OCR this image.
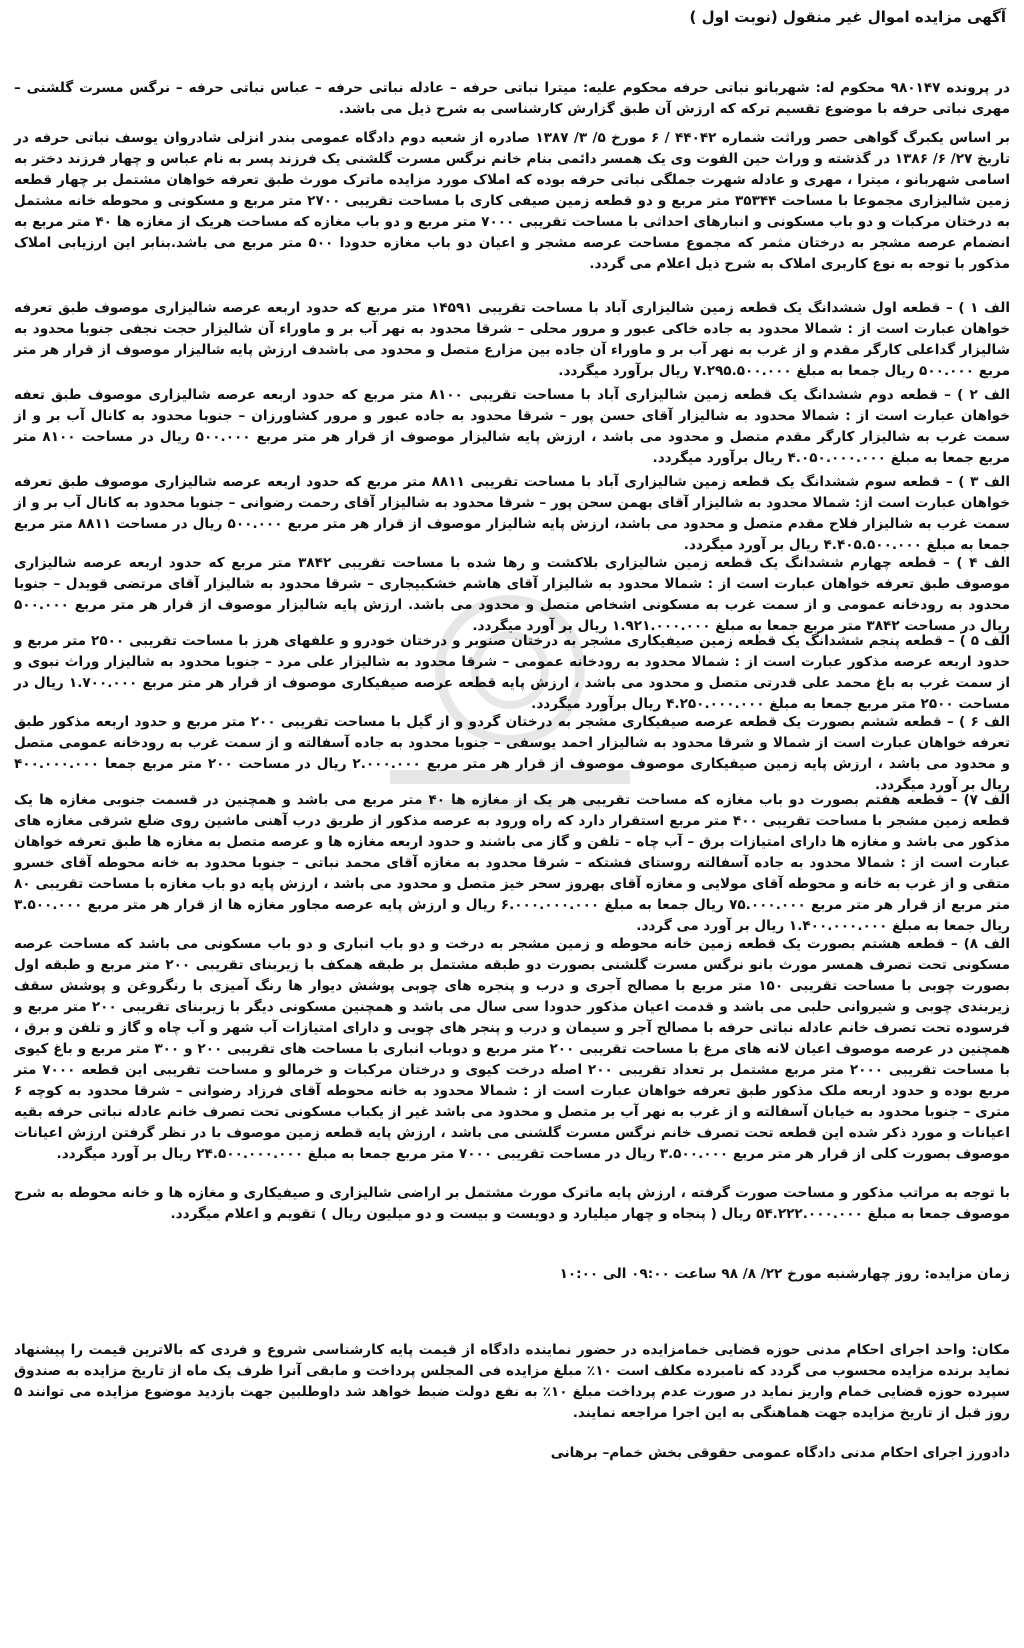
آگهی مزایده اموال غیر منقول (نوبت اول )
در پرونده ۹۸۰۱۴۷ محکوم له: شهربانو نباتی حرفه محکوم علیه: میترا نباتی حرفه – عادله نباتی حرفه – عباس نباتی حرفه – نرگس مسرت گلشنی – مهری نباتی حرفه با موضوع تقسیم ترکه که ارزش آن طبق گزارش کارشناسی به شرح ذیل می باشد.
بر اساس یکبرگ گواهی حصر وراثت شماره ۴۴۰۴۲ / ۶ مورخ ۵/ ۳/ ۱۳۸۷ صادره از شعبه دوم دادگاه عمومی بندر انزلی شادروان یوسف نباتی حرفه در تاریخ ۲۷/ ۶/ ۱۳۸۶ در گذشته و وراث حین الفوت وی یک همسر دائمی بنام خانم نرگس مسرت گلشنی یک فرزند پسر به نام عباس و چهار فرزند دختر به اسامی شهربانو ، میترا ، مهری و عادله شهرت جملگی نباتی حرفه بوده که املاک مورد مزایده ماترک مورث طبق تعرفه خواهان مشتمل بر چهار قطعه زمین شالیزاری مجموعا با مساحت ۳۵۳۴۴ متر مربع و دو قطعه زمین صیفی کاری با مساحت تقریبی ۲۷۰۰ متر مربع و مسکونی و محوطه خانه مشتمل به درختان مرکبات و دو باب مسکونی و انبارهای احداثی با مساحت تقریبی ۷۰۰۰ متر مربع و دو باب مغازه که مساحت هریک از مغازه ها ۴۰ متر مربع به انضمام عرصه مشجر به درختان مثمر که مجموع مساحت عرصه مشجر و اعیان دو باب مغازه حدودا ۵۰۰ متر مربع می باشد.بنابر این ارزیابی املاک مذکور با توجه به نوع کاربری املاک به شرح ذیل اعلام می گردد.
الف ۱ ) – قطعه اول ششدانگ یک قطعه زمین شالیزاری آباد با مساحت تقریبی ۱۴۵۹۱ متر مربع که حدود اربعه عرصه شالیزاری موصوف طبق تعرفه خواهان عبارت است از : شمالا محدود به جاده خاکی عبور و مرور محلی – شرقا محدود به نهر آب بر و ماوراء آن شالیزار حجت نجفی جنوبا محدود به شالیزار گداعلی کارگر مقدم و از غرب به نهر آب بر و ماوراء آن جاده بین مزارع متصل و محدود می باشدف ارزش پایه شالیزار موصوف از قرار هر متر مربع ۵۰۰.۰۰۰ ریال جمعا به مبلغ ۷.۲۹۵.۵۰۰.۰۰۰ ریال برآورد میگردد.
الف ۲ ) – قطعه دوم ششدانگ یک قطعه زمین شالیزاری آباد با مساحت تقریبی ۸۱۰۰ متر مربع که حدود اربعه عرصه شالیزاری موصوف طبق تعفه خواهان عبارت است از : شمالا محدود به شالیزار آقای حسن پور – شرقا محدود به جاده عبور و مرور کشاورزان – جنوبا محدود به کانال آب بر و از سمت غرب به شالیزار کارگر مقدم متصل و محدود می باشد ، ارزش پایه شالیزار موصوف از قرار هر متر مربع ۵۰۰.۰۰۰ ریال در مساحت ۸۱۰۰ متر مربع جمعا به مبلغ ۴.۰۵۰.۰۰۰.۰۰۰ ریال برآورد میگردد.
الف ۳ ) – قطعه سوم ششدانگ یک قطعه زمین شالیزاری آباد با مساحت تقریبی ۸۸۱۱ متر مربع که حدود اربعه عرصه شالیزاری موصوف طبق تعرفه خواهان عبارت است از: شمالا محدود به شالیزار آقای بهمن سحن پور – شرقا محدود به شالیزار آقای رحمت رضوانی – جنوبا محدود به کانال آب بر و از سمت غرب به شالیزار فلاح مقدم متصل و محدود می باشد، ارزش پایه شالیزار موصوف از قرار هر متر مربع ۵۰۰.۰۰۰ ریال در مساحت ۸۸۱۱ متر مربع جمعا به مبلغ ۴.۴۰۵.۵۰۰.۰۰۰ ریال بر آورد میگردد.
الف ۴ ) – قطعه چهارم ششدانگ یک قطعه زمین شالیزاری بلاکشت و رها شده با مساحت تقریبی ۳۸۴۲ متر مربع که حدود اربعه عرصه شالیزاری موصوف طبق تعرفه خواهان عبارت است از : شمالا محدود به شالیزار آقای هاشم خشکبیجاری – شرقا محدود به شالیزار آقای مرتضی قویدل – جنوبا محدود به رودخانه عمومی و از سمت غرب به مسکونی اشخاص متصل و محدود می باشد. ارزش پایه شالیزار موصوف از قرار هر متر مربع ۵۰۰.۰۰۰ ریال در مساحت ۳۸۴۲ متر مربع جمعا به مبلغ ۱.۹۲۱.۰۰۰.۰۰۰ ریال بر آورد میگردد.
الف ۵ ) – قطعه پنجم ششدانگ یک قطعه زمین صیفیکاری مشجر به درختان صنوبر و درختان خودرو و علفهای هرز با مساحت تقریبی ۲۵۰۰ متر مربع و حدود اربعه عرصه مذکور عبارت است از : شمالا محدود به رودخانه عمومی – شرقا محدود به شالیزار علی مرد – جنوبا محدود به شالیزار وراث نبوی و از سمت غرب به باغ محمد علی قدرتی متصل و محدود می باشد ، ارزش پایه قطعه عرصه صیفیکاری موصوف از قرار هر متر مربع ۱.۷۰۰.۰۰۰ ریال در مساحت ۲۵۰۰ متر مربع جمعا به مبلغ ۴.۲۵۰.۰۰۰.۰۰۰ ریال برآورد میگردد.
الف ۶ ) – قطعه ششم بصورت یک قطعه عرصه صیفیکاری مشجر به درختان گردو و از گیل با مساحت تقریبی ۲۰۰ متر مربع و حدود اربعه مذکور طبق تعرفه خواهان عبارت است از شمالا و شرقا محدود به شالیزار احمد یوسفی – جنوبا محدود به جاده آسفالته و از سمت غرب به رودخانه عمومی متصل و محدود می باشد ، ارزش پایه زمین صیفیکاری موصوف موصوف از قرار هر متر مربع ۲.۰۰۰.۰۰۰ ریال در مساحت ۲۰۰ متر مربع جمعا ۴۰۰.۰۰۰.۰۰۰ ریال بر آورد میگردد.
الف ۷) – قطعه هفتم بصورت دو باب مغازه که مساحت تقریبی هر یک از مغازه ها ۴۰ متر مربع می باشد و همچنین در قسمت جنوبی مغازه ها یک قطعه زمین مشجر با مساحت تقریبی ۴۰۰ متر مربع استقرار دارد که راه ورود به عرصه مذکور از طریق درب آهنی ماشین روی ضلع شرقی مغازه های مذکور می باشد و مغازه ها دارای امتیازات برق – آب چاه – تلفن و گاز می باشند و حدود اربعه مغازه ها و عرصه متصل به مغازه ها طبق تعرفه خواهان عبارت است از : شمالا محدود به جاده آسفالته روستای فشتکه – شرقا محدود به مغازه آقای محمد نباتی – جنوبا محدود به خانه محوطه آقای خسرو متقی و از غرب به خانه و محوطه آقای مولایی و مغازه آقای بهروز سحر خیز متصل و محدود می باشد ، ارزش پایه دو باب مغازه با مساحت تقریبی ۸۰ متر مربع از قرار هر متر مربع ۷۵.۰۰۰.۰۰۰ ریال جمعا به مبلغ ۶.۰۰۰.۰۰۰.۰۰۰ ریال و ارزش پایه عرصه مجاور مغازه ها از قرار هر متر مربع ۳.۵۰۰.۰۰۰ ریال جمعا به مبلغ ۱.۴۰۰.۰۰۰.۰۰۰ ریال بر آورد می گردد.
الف ۸) – قطعه هشتم بصورت یک قطعه زمین خانه محوطه و زمین مشجر به درخت و دو باب انباری و دو باب مسکونی می باشد که مساحت عرصه مسکونی تحت تصرف همسر مورث بانو نرگس مسرت گلشنی بصورت دو طبقه مشتمل بر طبقه همکف با زیربنای تقریبی ۲۰۰ متر مربع و طبقه اول بصورت چوبی با مساحت تقریبی ۱۵۰ متر مربع با مصالح آجری و درب و پنجره های چوبی پوشش دیوار ها رنگ آمیزی با رنگروغن و پوشش سقف زیربندی چوبی و شیروانی حلبی می باشد و قدمت اعیان مذکور حدودا سی سال می باشد و همچنین مسکونی دیگر با زیربنای تقریبی ۲۰۰ متر مربع و فرسوده تحت تصرف خانم عادله نباتی حرفه با مصالح آجر و سیمان و درب و پنجر های چوبی و دارای امتیازات آب شهر و آب چاه و گاز و تلفن و برق ، همچنین در عرصه موصوف اعیان لانه های مرغ با مساحت تقریبی ۲۰۰ متر مربع و دوباب انباری با مساحت های تقریبی ۲۰۰ و ۳۰۰ متر مربع و باغ کیوی با مساحت تقریبی ۲۰۰۰ متر مربع مشتمل بر تعداد تقریبی ۲۰۰ اصله درخت کیوی و درختان مرکبات و خرمالو و مساحت تقریبی این قطعه ۷۰۰۰ متر مربع بوده و حدود اربعه ملک مذکور طبق تعرفه خواهان عبارت است از : شمالا محدود به خانه محوطه آقای فرزاد رضوانی – شرقا محدود به کوچه ۶ متری – جنوبا محدود به خیابان آسفالته و از غرب به نهر آب بر متصل و محدود می باشد غیر از یکباب مسکونی تحت تصرف خانم عادله نباتی حرفه بقیه اعیانات و مورد ذکر شده این قطعه تحت تصرف خانم نرگس مسرت گلشنی می باشد ، ارزش پایه قطعه زمین موصوف با در نظر گرفتن ارزش اعیانات موصوف بصورت کلی از قرار هر متر مربع ۳.۵۰۰.۰۰۰ ریال در مساحت تقریبی ۷۰۰۰ متر مربع جمعا به مبلغ ۲۴.۵۰۰.۰۰۰.۰۰۰ ریال بر آورد میگردد.
با توجه به مراتب مذکور و مساحت صورت گرفته ، ارزش پایه ماترک مورث مشتمل بر اراضی شالیزاری و صیفیکاری و مغازه ها و خانه محوطه به شرح موصوف جمعا به مبلغ ۵۴.۲۲۲.۰۰۰.۰۰۰ ریال ( پنجاه و چهار میلیارد و دویست و بیست و دو میلیون ریال ) تقویم و اعلام میگردد.
زمان مزایده: روز چهارشنبه مورخ ۲۲/ ۸/ ۹۸ ساعت ۰۹:۰۰ الی ۱۰:۰۰
مکان: واحد اجرای احکام مدنی حوزه قضایی خمامزایده در حضور نماینده دادگاه از قیمت پایه کارشناسی شروع و فردی که بالاترین قیمت را پیشنهاد نماید برنده مزایده محسوب می گردد که نامبرده مکلف است ۱۰٪ مبلغ مزایده فی المجلس پرداخت و مابقی آنرا ظرف یک ماه از تاریخ مزایده به صندوق سپرده حوزه قضایی خمام واریز نماید در صورت عدم پرداخت مبلغ ۱۰٪ به نفع دولت ضبط خواهد شد داوطلبین جهت بازدید موضوع مزایده می توانند ۵ روز قبل از تاریخ مزایده جهت هماهنگی به این اجرا مراجعه نمایند.
دادورز اجرای احکام مدنی دادگاه عمومی حقوقی بخش خمام– برهانی
